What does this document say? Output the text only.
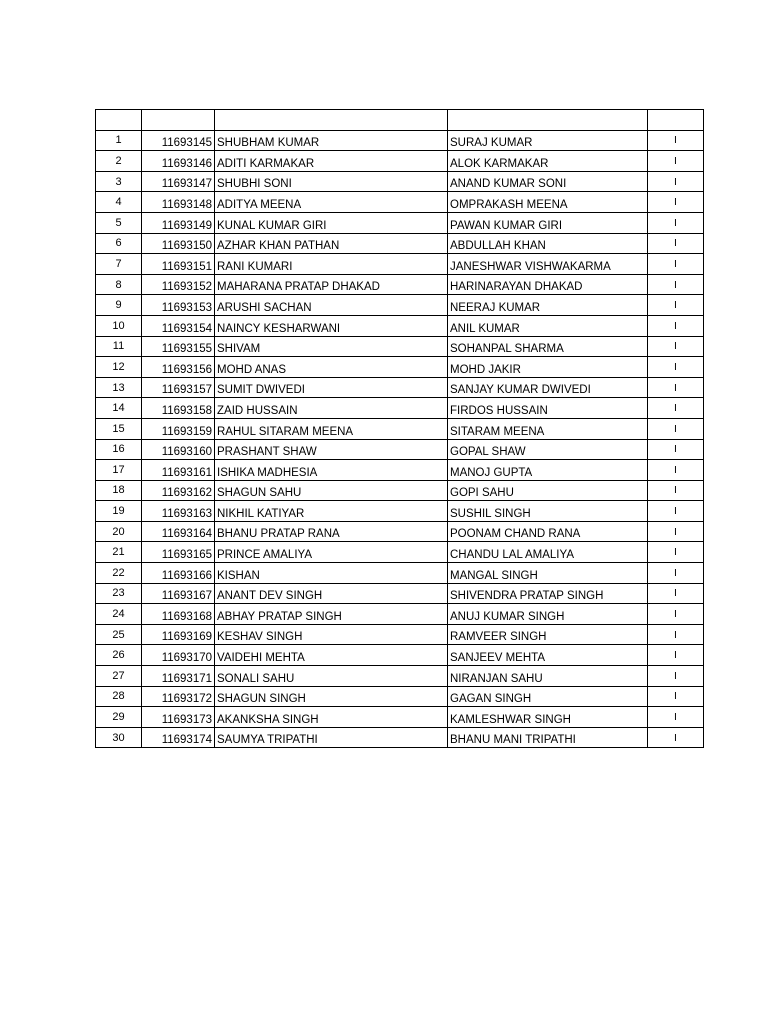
1	11693145	SHUBHAM KUMAR	SURAJ KUMAR	I
2	11693146	ADITI KARMAKAR	ALOK KARMAKAR	I
3	11693147	SHUBHI SONI	ANAND KUMAR SONI	I
4	11693148	ADITYA MEENA	OMPRAKASH MEENA	I
5	11693149	KUNAL KUMAR GIRI	PAWAN KUMAR GIRI	I
6	11693150	AZHAR KHAN PATHAN	ABDULLAH KHAN	I
7	11693151	RANI KUMARI	JANESHWAR VISHWAKARMA	I
8	11693152	MAHARANA PRATAP DHAKAD	HARINARAYAN DHAKAD	I
9	11693153	ARUSHI SACHAN	NEERAJ KUMAR	I
10	11693154	NAINCY KESHARWANI	ANIL KUMAR	I
11	11693155	SHIVAM	SOHANPAL SHARMA	I
12	11693156	MOHD ANAS	MOHD JAKIR	I
13	11693157	SUMIT DWIVEDI	SANJAY KUMAR DWIVEDI	I
14	11693158	ZAID HUSSAIN	FIRDOS HUSSAIN	I
15	11693159	RAHUL SITARAM MEENA	SITARAM MEENA	I
16	11693160	PRASHANT SHAW	GOPAL SHAW	I
17	11693161	ISHIKA MADHESIA	MANOJ GUPTA	I
18	11693162	SHAGUN SAHU	GOPI SAHU	I
19	11693163	NIKHIL KATIYAR	SUSHIL SINGH	I
20	11693164	BHANU PRATAP RANA	POONAM CHAND RANA	I
21	11693165	PRINCE AMALIYA	CHANDU LAL AMALIYA	I
22	11693166	KISHAN	MANGAL SINGH	I
23	11693167	ANANT DEV SINGH	SHIVENDRA PRATAP SINGH	I
24	11693168	ABHAY PRATAP SINGH	ANUJ KUMAR SINGH	I
25	11693169	KESHAV SINGH	RAMVEER SINGH	I
26	11693170	VAIDEHI MEHTA	SANJEEV MEHTA	I
27	11693171	SONALI SAHU	NIRANJAN SAHU	I
28	11693172	SHAGUN SINGH	GAGAN SINGH	I
29	11693173	AKANKSHA SINGH	KAMLESHWAR SINGH	I
30	11693174	SAUMYA TRIPATHI	BHANU MANI TRIPATHI	I
